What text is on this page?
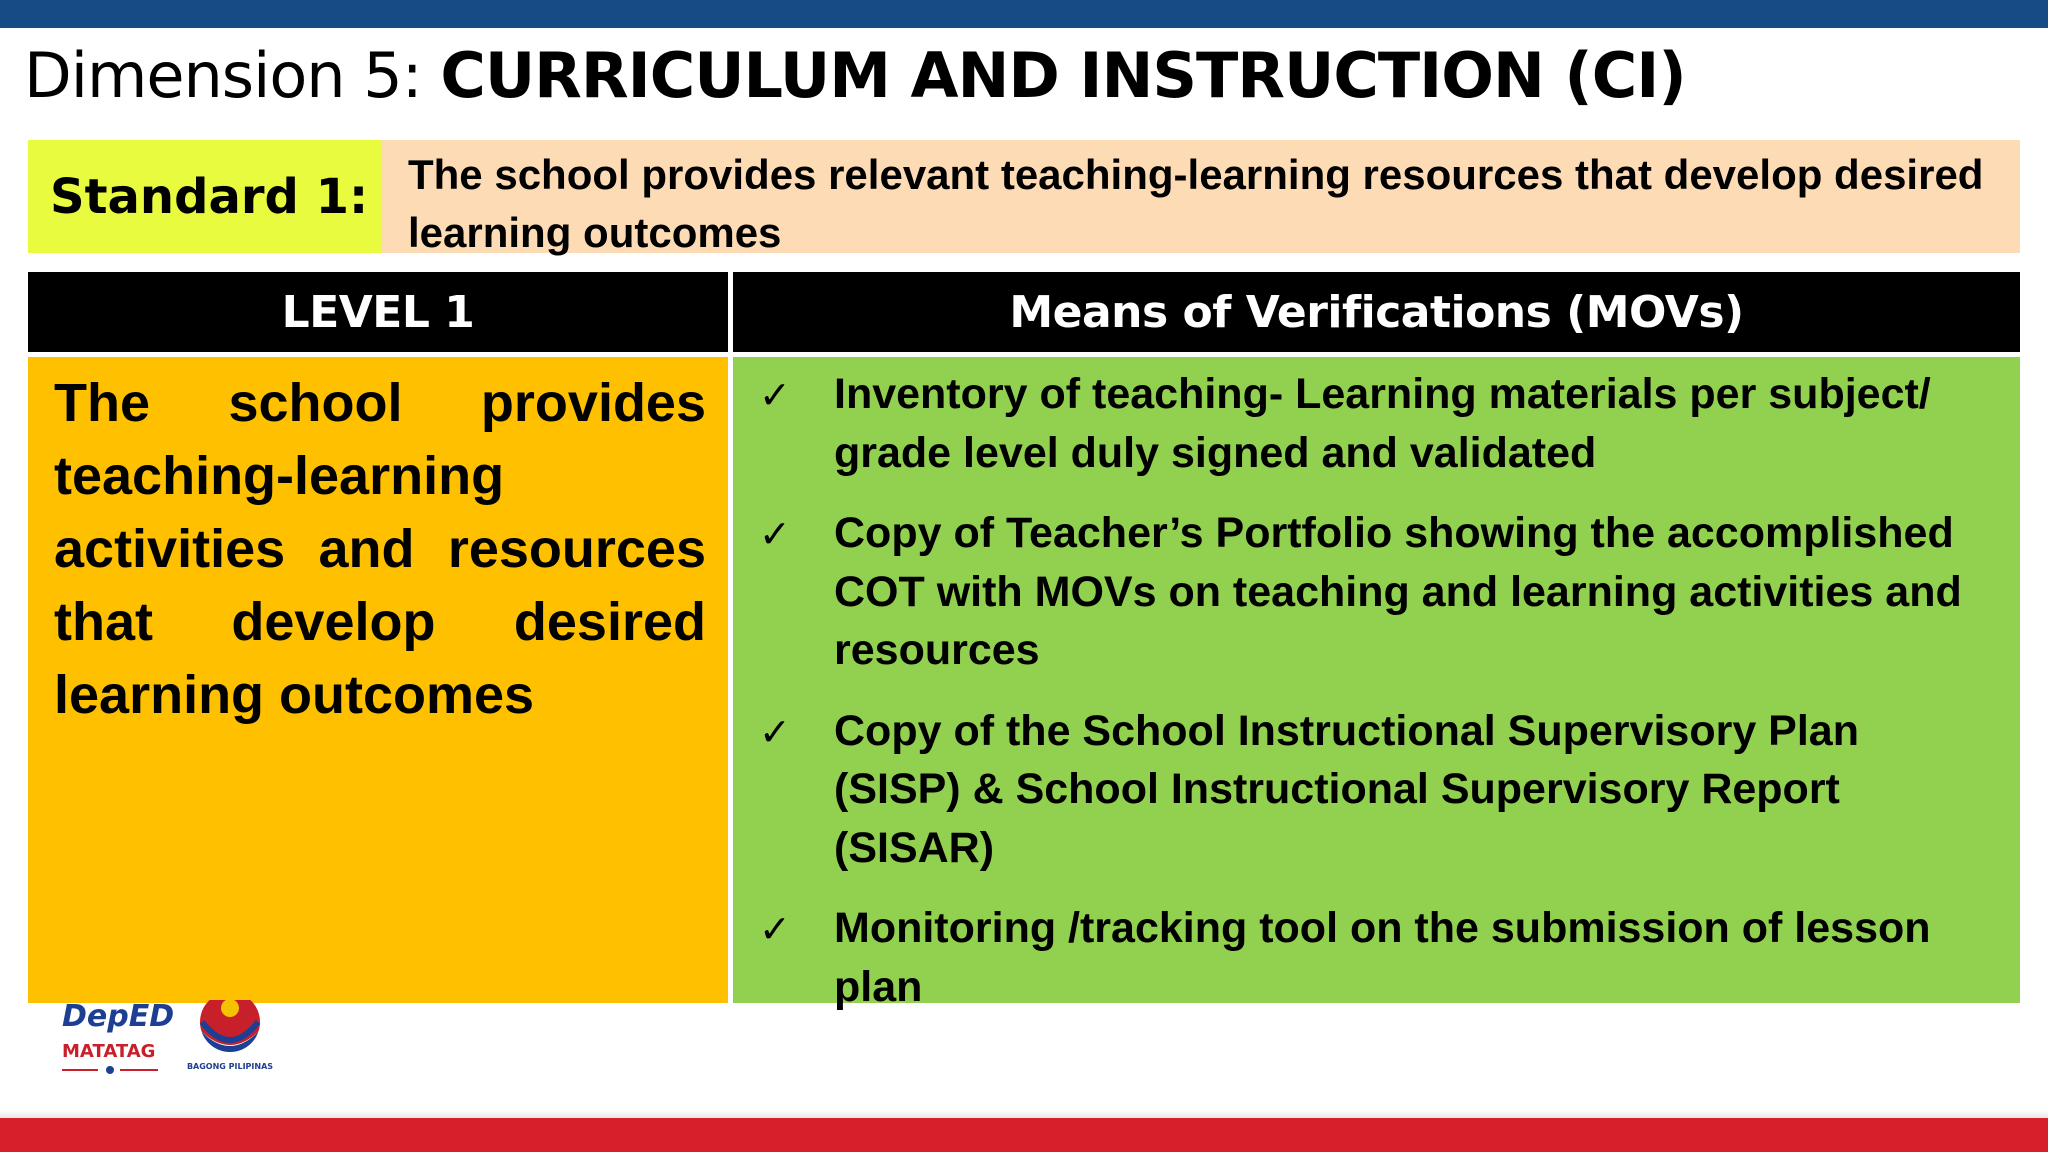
Dimension 5: CURRICULUM AND INSTRUCTION (CI)
Standard 1: The school provides relevant teaching-learning resources that develop desired learning outcomes
LEVEL 1	Means of Verifications (MOVs)

The school provides teaching-learning activities and resources that develop desired learning outcomes

✓ Inventory of teaching- Learning materials per subject/ grade level duly signed and validated
✓ Copy of Teacher’s Portfolio showing the accomplished COT with MOVs on teaching and learning activities and resources
✓ Copy of the School Instructional Supervisory Plan (SISP) & School Instructional Supervisory Report (SISAR)
✓ Monitoring /tracking tool on the submission of lesson plan
DepED
MATATAG
BAGONG PILIPINAS
